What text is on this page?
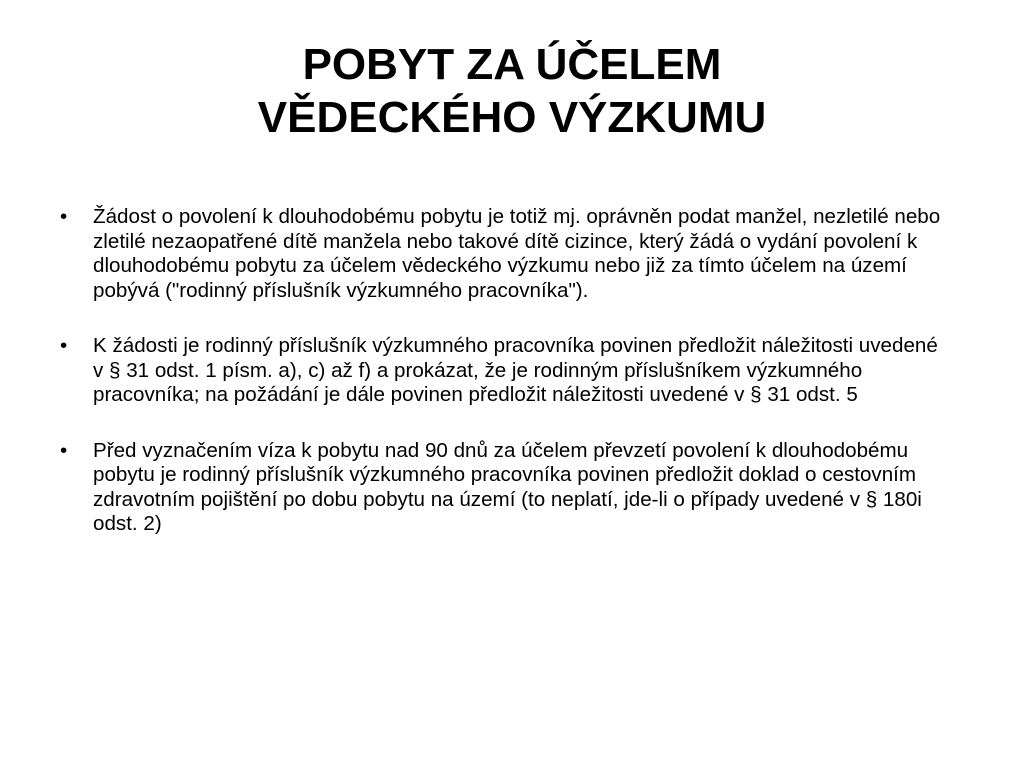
POBYT ZA ÚČELEM
VĚDECKÉHO VÝZKUMU
• Žádost o povolení k dlouhodobému pobytu je totiž mj. oprávněn podat manžel, nezletilé nebo zletilé nezaopatřené dítě manžela nebo takové dítě cizince, který žádá o vydání povolení k dlouhodobému pobytu za účelem vědeckého výzkumu nebo již za tímto účelem na území pobývá ("rodinný příslušník výzkumného pracovníka").
• K žádosti je rodinný příslušník výzkumného pracovníka povinen předložit náležitosti uvedené v § 31 odst. 1 písm. a), c) až f) a prokázat, že je rodinným příslušníkem výzkumného pracovníka; na požádání je dále povinen předložit náležitosti uvedené v § 31 odst. 5
• Před vyznačením víza k pobytu nad 90 dnů za účelem převzetí povolení k dlouhodobému pobytu je rodinný příslušník výzkumného pracovníka povinen předložit doklad o cestovním zdravotním pojištění po dobu pobytu na území (to neplatí, jde-li o případy uvedené v § 180i odst. 2)
